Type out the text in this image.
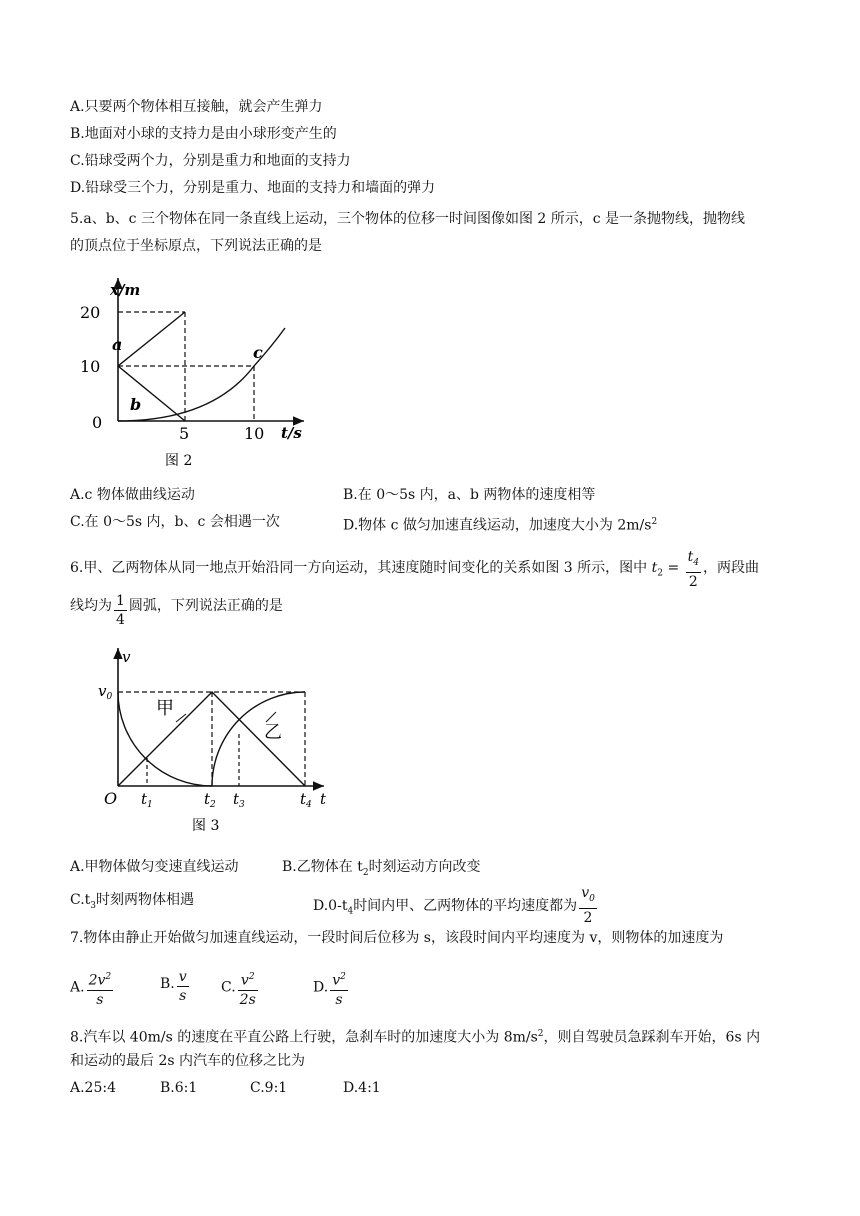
A.只要两个物体相互接触，就会产生弹力
B.地面对小球的支持力是由小球形变产生的
C.铅球受两个力，分别是重力和地面的支持力
D.铅球受三个力，分别是重力、地面的支持力和墙面的弹力
5.a、b、c 三个物体在同一条直线上运动，三个物体的位移一时间图像如图 2 所示，c 是一条抛物线，抛物线
的顶点位于坐标原点，下列说法正确的是
x/m
t/s
20
10
0
5	10
a
b
c
图 2
A.c 物体做曲线运动	B.在 0～5s 内，a、b 两物体的速度相等
C.在 0～5s 内，b、c 会相遇一次	D.物体 c 做匀加速直线运动，加速度大小为 $2m/s^2$
6.甲、乙两物体从同一地点开始沿同一方向运动，其速度随时间变化的关系如图 3 所示，图中 $t_2 = \frac{t_4}{2}$ ，两段曲
线均为 $\frac{1}{4}$ 圆弧，下列说法正确的是
v
$v_0$
O	t
$t_1$	$t_2$ $t_3$	$t_4$
甲
乙
图 3
A.甲物体做匀变速直线运动	B.乙物体在 $t_2$时刻运动方向改变
$C.t_3$时刻两物体相遇	$D.0-t_4$时间内甲、乙两物体的平均速度都为 $\frac{v_0}{2}$
7.物体由静止开始做匀加速直线运动，一段时间后位移为 s，该段时间内平均速度为 v，则物体的加速度为
A. $\frac{2v^2}{s}$	B. $\frac{v}{s} C$. $\frac{v^2}{2s}$	D. $\frac{v^2}{s}$
8.汽车以 40m/s 的速度在平直公路上行驶，急刹车时的加速度大小为 $8m/s^2$，则自驾驶员急踩刹车开始，6s 内
和运动的最后 2s 内汽车的位移之比为
A.25:4	B.6:1	C.9:1	D.4:1
